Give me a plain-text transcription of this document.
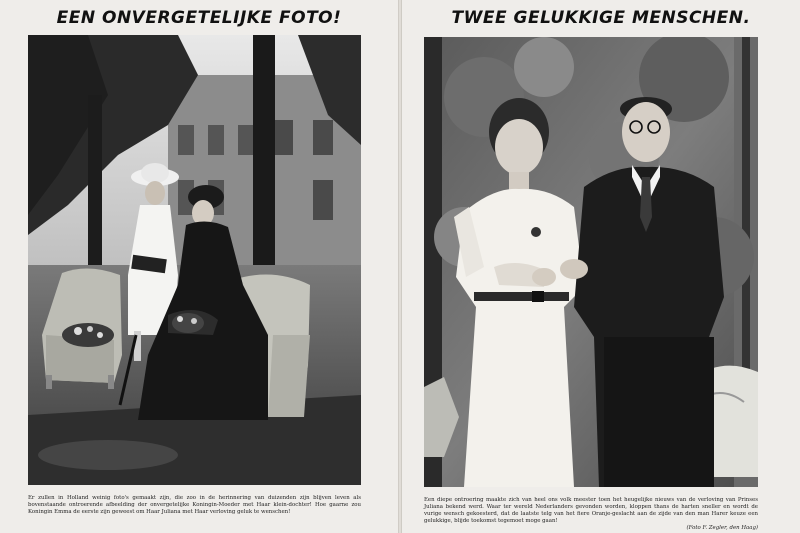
EEN ONVERGETELIJKE FOTO!

Er zullen in Holland weinig foto's gemaakt zijn, die zoo in de herinnering van duizenden zijn blijven leven als bovenstaande ontroerende afbeelding der onvergetelijke Koningin-Moeder met Haar klein-dochter! Hoe gaarne zou Koningin Emma de eerste zijn geweest om Haar Juliana met Haar verloving geluk te wenschen!

TWEE GELUKKIGE MENSCHEN.

Een diepe ontroering maakte zich van heel ons volk meester toen het heugelijke nieuws van de verloving van Prinses Juliana bekend werd. Waar ter wereld Nederlanders gevonden worden, kloppen thans de harten sneller en wordt de vurige wensch gekoesterd, dat de laatste telg van het fiere Oranje-geslacht aan de zijde van den man Harer keuze een gelukkige, blijde toekomst tegemoet moge gaan!
(Foto F. Zegler, den Haag)
